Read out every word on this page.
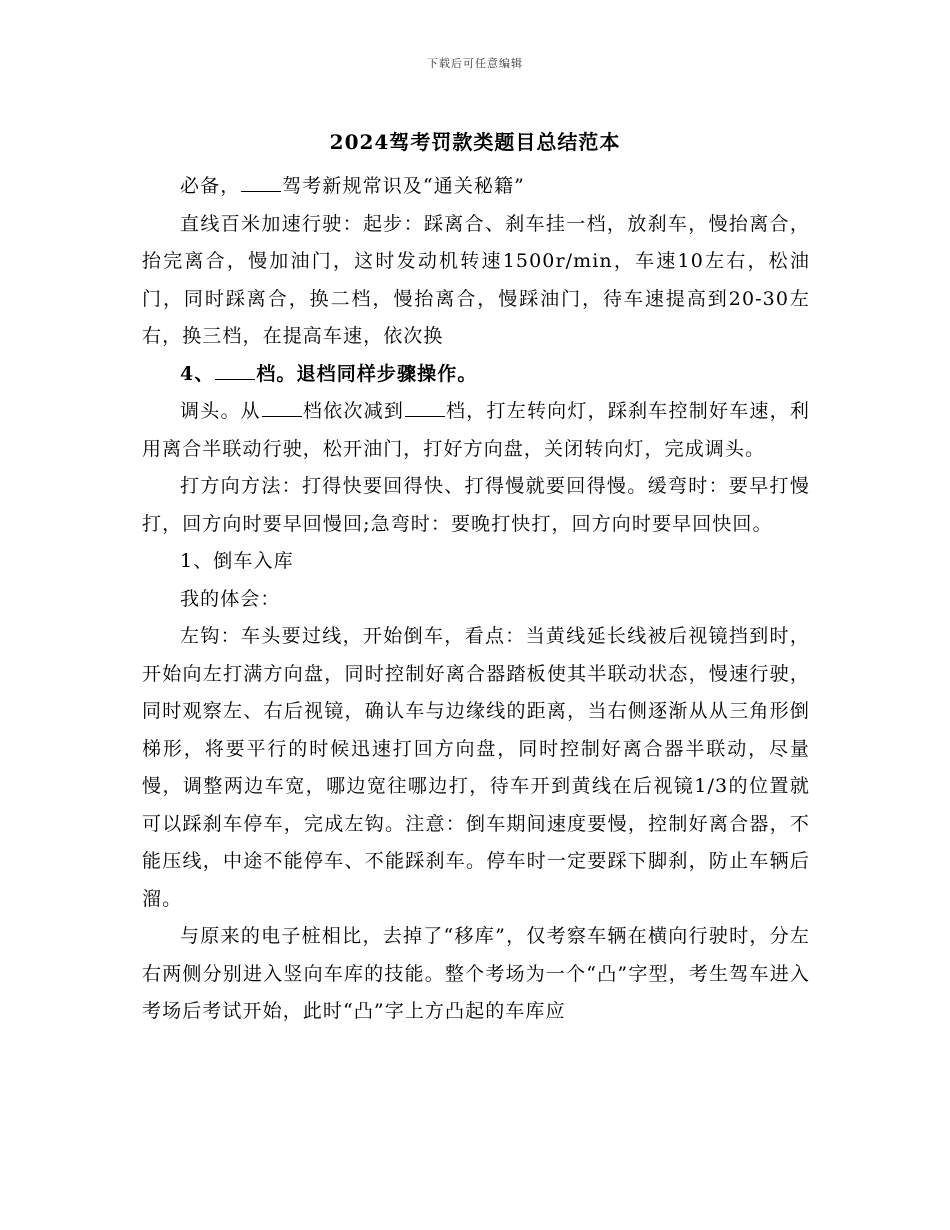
下载后可任意编辑
2024驾考罚款类题目总结范本

必备， 驾考新规常识及“通关秘籍”

直线百米加速行驶：起步：踩离合、刹车挂一档，放刹车，慢抬离合，抬完离合，慢加油门，这时发动机转速1500r/min，车速10左右，松油门，同时踩离合，换二档，慢抬离合，慢踩油门，待车速提高到20-30左右，换三档，在提高车速，依次换

4、 档。退档同样步骤操作。

调头。从 档依次减到 档，打左转向灯，踩刹车控制好车速，利用离合半联动行驶，松开油门，打好方向盘，关闭转向灯，完成调头。

打方向方法：打得快要回得快、打得慢就要回得慢。缓弯时：要早打慢打，回方向时要早回慢回;急弯时：要晚打快打，回方向时要早回快回。

1、倒车入库

我的体会：

左钩：车头要过线，开始倒车，看点：当黄线延长线被后视镜挡到时，开始向左打满方向盘，同时控制好离合器踏板使其半联动状态，慢速行驶，同时观察左、右后视镜，确认车与边缘线的距离，当右侧逐渐从从三角形倒梯形，将要平行的时候迅速打回方向盘，同时控制好离合器半联动，尽量慢，调整两边车宽，哪边宽往哪边打，待车开到黄线在后视镜1/3的位置就可以踩刹车停车，完成左钩。注意：倒车期间速度要慢，控制好离合器，不能压线，中途不能停车、不能踩刹车。停车时一定要踩下脚刹，防止车辆后溜。

与原来的电子桩相比，去掉了“移库”，仅考察车辆在横向行驶时，分左右两侧分别进入竖向车库的技能。整个考场为一个“凸”字型，考生驾车进入考场后考试开始，此时“凸”字上方凸起的车库应
